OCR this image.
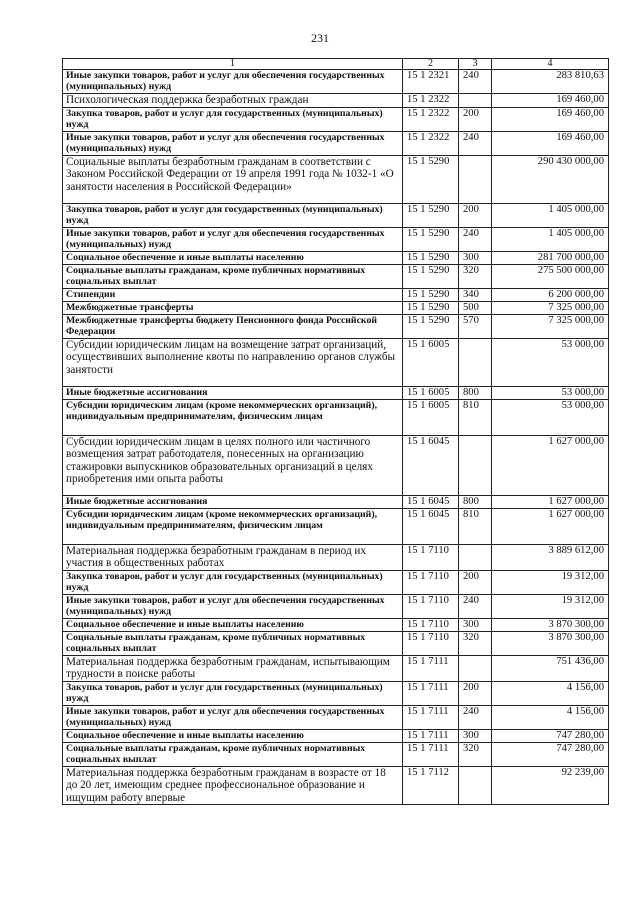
231
1	2	3	4
Иные закупки товаров, работ и услуг для обеспечения государственных (муниципальных) нужд	15 1 2321	240	283 810,63
Психологическая поддержка безработных граждан	15 1 2322		169 460,00
Закупка товаров, работ и услуг для государственных (муниципальных) нужд	15 1 2322	200	169 460,00
Иные закупки товаров, работ и услуг для обеспечения государственных (муниципальных) нужд	15 1 2322	240	169 460,00
Социальные выплаты безработным гражданам в соответствии с Законом Российской Федерации от 19 апреля 1991 года № 1032-1 «О занятости населения в Российской Федерации»	15 1 5290		290 430 000,00
Закупка товаров, работ и услуг для государственных (муниципальных) нужд	15 1 5290	200	1 405 000,00
Иные закупки товаров, работ и услуг для обеспечения государственных (муниципальных) нужд	15 1 5290	240	1 405 000,00
Социальное обеспечение и иные выплаты населению	15 1 5290	300	281 700 000,00
Социальные выплаты гражданам, кроме публичных нормативных социальных выплат	15 1 5290	320	275 500 000,00
Стипендии	15 1 5290	340	6 200 000,00
Межбюджетные трансферты	15 1 5290	500	7 325 000,00
Межбюджетные трансферты бюджету Пенсионного фонда Российской Федерации	15 1 5290	570	7 325 000,00
Субсидии юридическим лицам на возмещение затрат организаций, осуществивших выполнение квоты по направлению органов службы занятости	15 1 6005		53 000,00
Иные бюджетные ассигнования	15 1 6005	800	53 000,00
Субсидии юридическим лицам (кроме некоммерческих организаций), индивидуальным предпринимателям, физическим лицам	15 1 6005	810	53 000,00
Субсидии юридическим лицам в целях полного или частичного возмещения затрат работодателя, понесенных на организацию стажировки выпускников образовательных организаций в целях приобретения ими опыта работы	15 1 6045		1 627 000,00
Иные бюджетные ассигнования	15 1 6045	800	1 627 000,00
Субсидии юридическим лицам (кроме некоммерческих организаций), индивидуальным предпринимателям, физическим лицам	15 1 6045	810	1 627 000,00
Материальная поддержка безработным гражданам в период их участия в общественных работах	15 1 7110		3 889 612,00
Закупка товаров, работ и услуг для государственных (муниципальных) нужд	15 1 7110	200	19 312,00
Иные закупки товаров, работ и услуг для обеспечения государственных (муниципальных) нужд	15 1 7110	240	19 312,00
Социальное обеспечение и иные выплаты населению	15 1 7110	300	3 870 300,00
Социальные выплаты гражданам, кроме публичных нормативных социальных выплат	15 1 7110	320	3 870 300,00
Материальная поддержка безработным гражданам, испытывающим трудности в поиске работы	15 1 7111		751 436,00
Закупка товаров, работ и услуг для государственных (муниципальных) нужд	15 1 7111	200	4 156,00
Иные закупки товаров, работ и услуг для обеспечения государственных (муниципальных) нужд	15 1 7111	240	4 156,00
Социальное обеспечение и иные выплаты населению	15 1 7111	300	747 280,00
Социальные выплаты гражданам, кроме публичных нормативных социальных выплат	15 1 7111	320	747 280,00
Материальная поддержка безработным гражданам в возрасте от 18 до 20 лет, имеющим среднее профессиональное образование и ищущим работу впервые	15 1 7112		92 239,00
